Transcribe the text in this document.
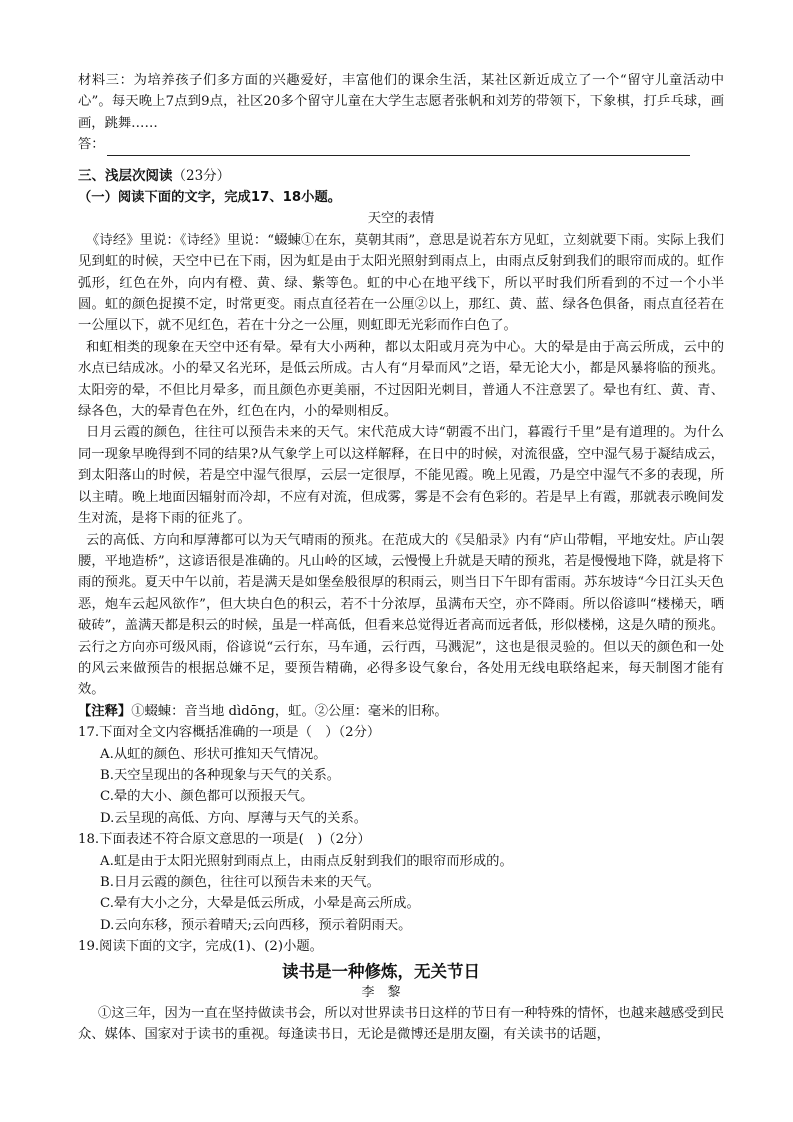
材料三：为培养孩子们多方面的兴趣爱好，丰富他们的课余生活，某社区新近成立了一个“留守儿童活动中心”。每天晚上7点到9点，社区20多个留守儿童在大学生志愿者张帆和刘芳的带领下，下象棋，打乒乓球，画画，跳舞……

答：

三、浅层次阅读（23分）

（一）阅读下面的文字，完成17、18小题。

天空的表情

《诗经》里说：《诗经》里说：“蝃蝀①在东，莫朝其雨”，意思是说若东方见虹，立刻就要下雨。实际上我们见到虹的时候，天空中已在下雨，因为虹是由于太阳光照射到雨点上，由雨点反射到我们的眼帘而成的。虹作弧形，红色在外，向内有橙、黄、绿、紫等色。虹的中心在地平线下，所以平时我们所看到的不过一个小半圆。虹的颜色捉摸不定，时常更变。雨点直径若在一公厘②以上，那红、黄、蓝、绿各色俱备，雨点直径若在一公厘以下，就不见红色，若在十分之一公厘，则虹即无光彩而作白色了。

和虹相类的现象在天空中还有晕。晕有大小两种，都以太阳或月亮为中心。大的晕是由于高云所成，云中的水点已结成冰。小的晕又名光环，是低云所成。古人有“月晕而风”之语，晕无论大小，都是风暴将临的预兆。太阳旁的晕，不但比月晕多，而且颜色亦更美丽，不过因阳光刺目，普通人不注意罢了。晕也有红、黄、青、绿各色，大的晕青色在外，红色在内，小的晕则相反。

日月云霞的颜色，往往可以预告未来的天气。宋代范成大诗“朝霞不出门，暮霞行千里”是有道理的。为什么同一现象早晚得到不同的结果?从气象学上可以这样解释，在日中的时候，对流很盛，空中湿气易于凝结成云，到太阳落山的时候，若是空中湿气很厚，云层一定很厚，不能见霞。晚上见霞，乃是空中湿气不多的表现，所以主晴。晚上地面因辐射而冷却，不应有对流，但成雾，雾是不会有色彩的。若是早上有霞，那就表示晚间发生对流，是将下雨的征兆了。

云的高低、方向和厚薄都可以为天气晴雨的预兆。在范成大的《吴船录》内有“庐山带帽，平地安灶。庐山袈腰，平地造桥”，这谚语很是准确的。凡山岭的区域，云慢慢上升就是天晴的预兆，若是慢慢地下降，就是将下雨的预兆。夏天中午以前，若是满天是如堡垒般很厚的积雨云，则当日下午即有雷雨。苏东坡诗“今日江头天色恶，炮车云起风欲作”，但大块白色的积云，若不十分浓厚，虽满布天空，亦不降雨。所以俗谚叫“楼梯天，晒破砖”，盖满天都是积云的时候，虽是一样高低，但看来总觉得近者高而远者低，形似楼梯，这是久晴的预兆。云行之方向亦可级风雨，俗谚说“云行东，马车通，云行西，马溅泥”，这也是很灵验的。但以天的颜色和一处的风云来做预告的根据总嫌不足，要预告精确，必得多设气象台，各处用无线电联络起来，每天制图才能有效。

【注释】①蝃蝀：音当地 dìdōng，虹。②公厘：毫米的旧称。

17.下面对全文内容概括准确的一项是（　）（2分）

A.从虹的颜色、形状可推知天气情况。

B.天空呈现出的各种现象与天气的关系。

C.晕的大小、颜色都可以预报天气。

D.云呈现的高低、方向、厚薄与天气的关系。

18.下面表述不符合原文意思的一项是(　)（2分）

A.虹是由于太阳光照射到雨点上，由雨点反射到我们的眼帘而形成的。

B.日月云霞的颜色，往往可以预告未来的天气。

C.晕有大小之分，大晕是低云所成，小晕是高云所成。

D.云向东移，预示着晴天;云向西移，预示着阴雨天。

19.阅读下面的文字，完成(1)、(2)小题。

读书是一种修炼，无关节日

李　黎

①这三年，因为一直在坚持做读书会，所以对世界读书日这样的节日有一种特殊的情怀，也越来越感受到民众、媒体、国家对于读书的重视。每逢读书日，无论是微博还是朋友圈，有关读书的话题，
